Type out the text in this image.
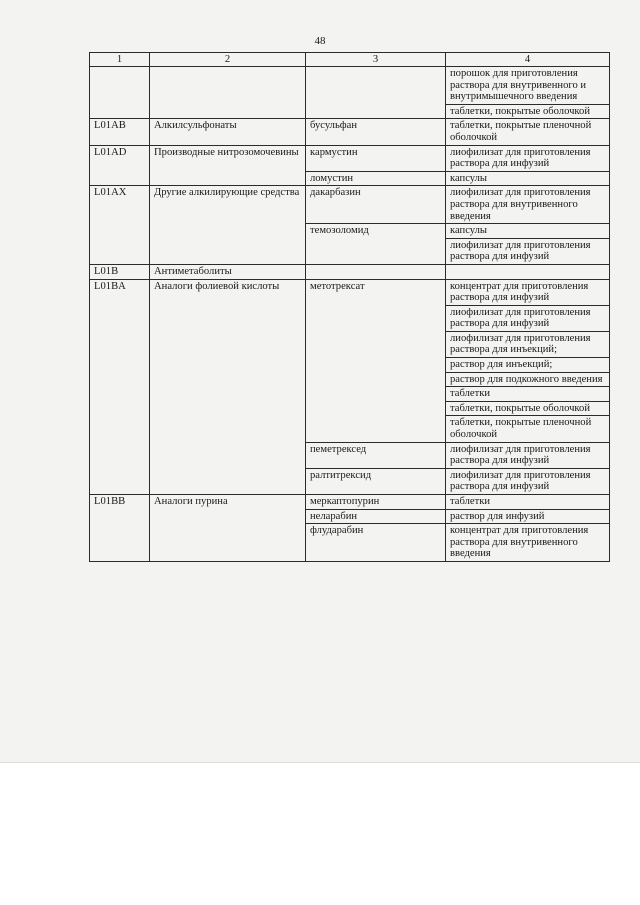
48
1	2	3	4
			порошок для приготовления раствора для внутривенного и внутримышечного введения
			таблетки, покрытые оболочкой
L01AB	Алкилсульфонаты	бусульфан	таблетки, покрытые пленочной оболочкой
L01AD	Производные нитрозомочевины	кармустин	лиофилизат для приготовления раствора для инфузий
		ломустин	капсулы
L01AX	Другие алкилирующие средства	дакарбазин	лиофилизат для приготовления раствора для внутривенного введения
		темозоломид	капсулы
			лиофилизат для приготовления раствора для инфузий
L01B	Антиметаболиты		
L01BA	Аналоги фолиевой кислоты	метотрексат	концентрат для приготовления раствора для инфузий
			лиофилизат для приготовления раствора для инфузий
			лиофилизат для приготовления раствора для инъекций;
			раствор для инъекций;
			раствор для подкожного введения
			таблетки
			таблетки, покрытые оболочкой
			таблетки, покрытые пленочной оболочкой
		пеметрексед	лиофилизат для приготовления раствора для инфузий
		ралтитрексид	лиофилизат для приготовления раствора для инфузий
L01BB	Аналоги пурина	меркаптопурин	таблетки
		неларабин	раствор для инфузий
		флударабин	концентрат для приготовления раствора для внутривенного введения
